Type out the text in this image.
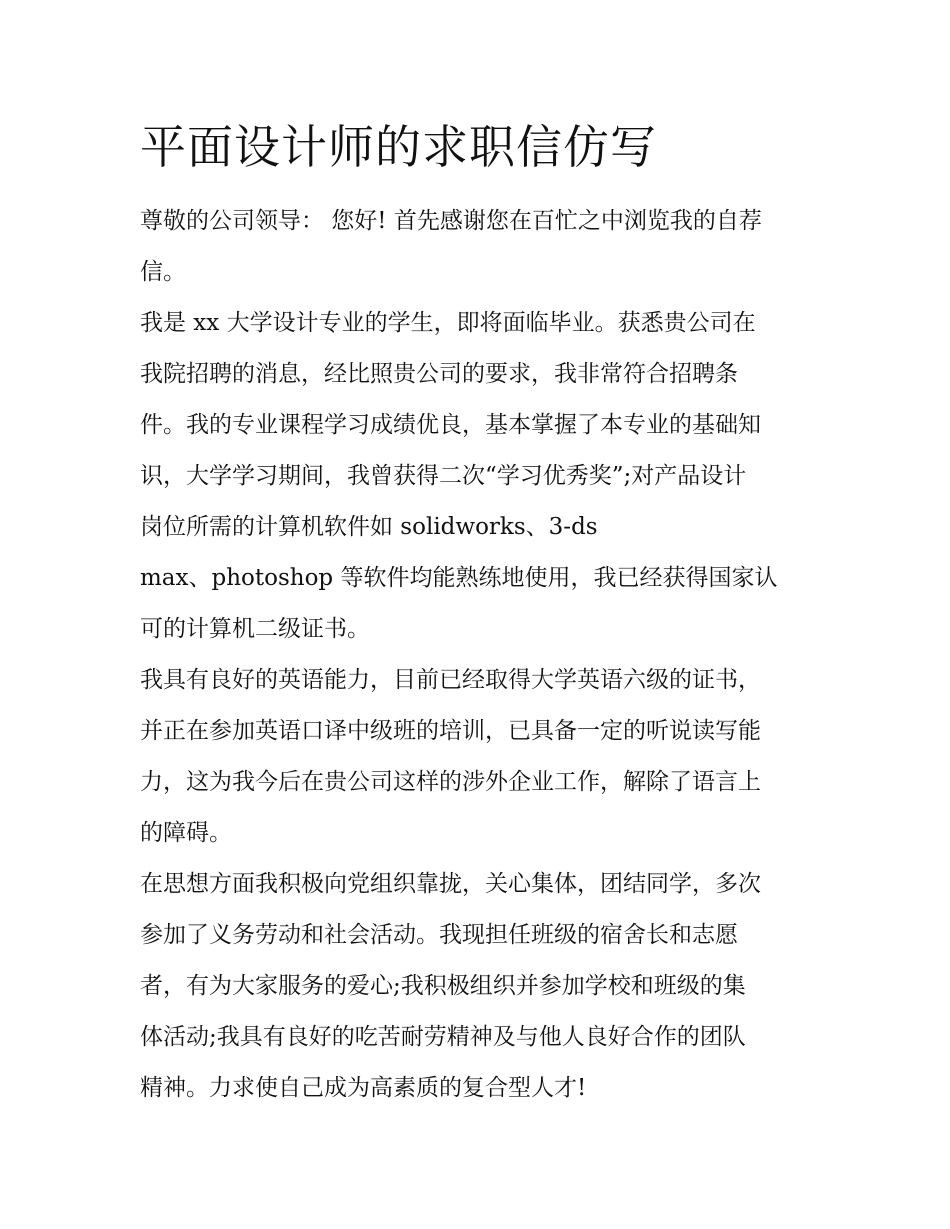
平面设计师的求职信仿写
尊敬的公司领导： 您好! 首先感谢您在百忙之中浏览我的自荐
信。
我是 xx 大学设计专业的学生，即将面临毕业。获悉贵公司在
我院招聘的消息，经比照贵公司的要求，我非常符合招聘条
件。我的专业课程学习成绩优良，基本掌握了本专业的基础知
识，大学学习期间，我曾获得二次“学习优秀奖”;对产品设计
岗位所需的计算机软件如 solidworks、3-ds
max、photoshop 等软件均能熟练地使用，我已经获得国家认
可的计算机二级证书。
我具有良好的英语能力，目前已经取得大学英语六级的证书，
并正在参加英语口译中级班的培训，已具备一定的听说读写能
力，这为我今后在贵公司这样的涉外企业工作，解除了语言上
的障碍。
在思想方面我积极向党组织靠拢，关心集体，团结同学，多次
参加了义务劳动和社会活动。我现担任班级的宿舍长和志愿
者，有为大家服务的爱心;我积极组织并参加学校和班级的集
体活动;我具有良好的吃苦耐劳精神及与他人良好合作的团队
精神。力求使自己成为高素质的复合型人才!
